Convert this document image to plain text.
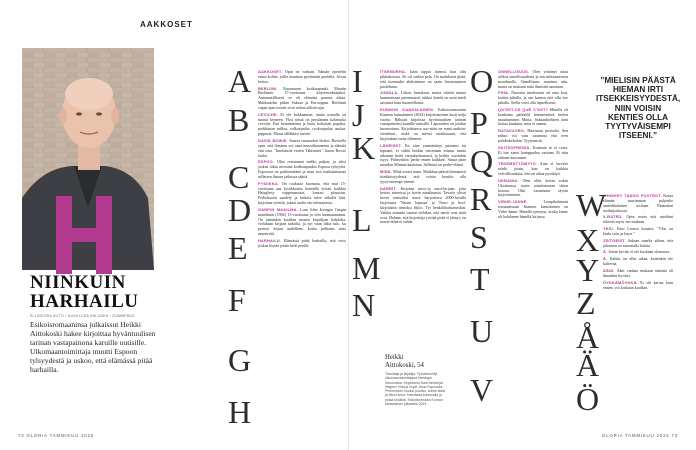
AAKKOSET
NIINKUIN
HARHAILU
ELLINOORA AUTTI / KUVA LIISA ENLUNDH / GUMMERUS
Esikoisromaaninsa julkaissut Heikki Aittokoski hakee kirjoittaa hyväntuulisen tarinan vastapainona karuille uutisille. Ulkomaantoimittaja muutti Espoon tylsyydestä ja uskoo, että elämässä pitää harhailla.
A
B
C
D
E
F
G
H

AAKKOSET. Opin ne varhain. Nämän opettelin ensin kolme, joilla muutuin pyörinnän puolella. Aivan kertoo.

BERLIINI. Nuoruuteni kotikaupunki. Muutin Berliiniin 17-vuotiaana kirjeenvaihtajaksi. Annamatillisesti se oli elämäni parasta aikaa. Matkustelin pitkin Saksaa ja Eurooppaa. Berliinin vapaa-ajan toimet sivat nokaa silloin-ajat.

CEVICHE. Ei ole kokkaamon, mutta minulla on monia herneen. Yksi niistä on perulainen kalaruoka ceviche. Pari kertainterina ja lasin, kohaisen paprika, porkkanan milloa, valkosipulia, ryokosipulia, mulaa, pippuria. Mosta tälläkkisi tarvite.

DAVID BOWIE. Suuria suosuuden ikoksi. Bowiella opin, että ihmisen voi aiart muusiikaaneenu ja elämää että rusa. "Intuluhola varten Tähtimies", kuten Bowie lauloi.

ESPOO. Olen reissannut melko paljon, ja siksi joskus tukia arvostaa kotikaupunkia Espooa tylsyyttä. Espoossa on paikiensäänä ja muu isot matkatutumaa sellaisen ilmasa jatkossa säätiä.

FYSIIKKA. On ruokasta huomata, että mut 15-vuotiaana ans fysiikkoinsi kentäillä erivati kolkkia Heisglerty vuppenamisia, lonsasi pituustin. Perhoksoon sandely ja kitkäss tulee siikolla kätt, kirjoittaa työniiä, jokasi taalta ola tulostamisia.

GARPIN MAAILMA. Luin John Irvingin Garpin maailman (1982) 15-vuotiaana ja olin huumaantunut. On tämänkin kuullun monen kirjailijan kohdalta, vielakaan kirjaan sadoilta, ja nyt vaan olkta tulo, ku perinyt kirjan uudelleen, koska pelkasin taias murtertiiä.

HARHAILU. Elämässä pitää harhailla, että voisi joskus löytää jotain kieli perille.

I
J
K
L
M
N

ITSEMURHA. Isäni tappoi itsensä, kun olin pikkukotona. Se oli vaikea pala. On mahdoton pitää, että itsemurha ahdistimme on saatu huonomaisen puoleltaan.

JUMALA. Uskon Jumalaan, mutta väärää minua kummaisaan paremmasti, tukkoi kienlä on noin mieli sairaisia kuin huoneellaisia.

KUNNON KANSALAINEN. Esikoisromaanini Kunnon kansalainen (2024) kirjoittaminen kesti neljä vuotta. Halusin kirjoittaa hyväntuulisen tarinan vastapainoksi karuille uutisille. Lapsuuden on jotakin huonoatinet. Kirjoittaessa suo-näin on esmii.unikiin- vientilaut., mikä on miesti asiaikusuun, että kirjoitahan tuota ollennen.

LÄHEISET. En aina ymmärtänyt paasemi tai lapsiani, ei välttä heidän varomaan minua, mutta rakastan heitä varauksettomasti, ja heikin varsinkin isyys. Puhevatkin 'perhe ennen kaikkea', Sanaa piste menikin Minnan kautusaa. Sellaista on perhe-elämä.

MINÄ. Minä sotasi sinaa. Minkkaa päästä hiemanirti itsekkeisyydestä, että voisin kentiös olla tyytyväisempi itseeni.

NARRIT. Kirjoitin nirvo-ja narri-kirjaan, joka kertoo narreista ja hovin maailmasta. Tavoite olivat hovin tarinoiksi narrit harjoittava 2000-luvulla kirjoitusta 'Narrin lopussa' ja 'Narri ja hovi' kirjoitanin rinnaksi fiktio. Tyi henkilökohtaiseskin. Vaikka minusta tuntuu vieläkin, että narrit ovat mitä ovat. Haluan, että kirjoittaja yrittää pitää ei jäänyt, on narrin tehtävä suhde.

Heikki
Aittokoski, 54
Toimittaja ja kirjailija. Työskennellyt ulkomaantoimittajana Helsingin Sanomissa. Kirjoittanut Narri-tietokirjat Hegeen Virta ja Kujat. Asuu Espoossa. Perheeseen kuuluu puoliso, kolme lasta ja Minni-koira. Harrastaa kuntosalia ja pelaa shakkia. Esikoisromaani Kunnon kansalainen julkaistiin 2024.
O
P
Q
R
S
T
U
V

ONNELLISUUS. Olen yrittänyt ottaa selkoa onnellisuudesta ja sen mittaamisesta maailmalla. Onnellisuus muuttuu niin, mutta on mukaan mitä ihmisiin sanotaan.

PIHA. Nuorena mielessäni oli oma koti, kotiini pihalla, ja sen kanssa että ollu itse pihalla. Siellä voisi olla lapsellisesti.

QU'EST-CE QUE C'EST? Minulla oli konkaina pärkkelä hämmentävä kielen muuttuminen Mutta. Saksankielinen ääni hoitaa kaukana, mitä ei saanut.

RATAVUORO. Harrastan pistoolia. Sen mihin voi vain suunnata että teen pohdiskeluihin. Tyytymistä.

SKITSOFRENIA. Koskaan se ei voita. Ei itse sanot kamppailua vastaan. Ei niin onkaan kasvaneet.

TEKEMÄTTÖMYYS. Aina ei tarvitse tehdä jotain, kun on kaikkia velvollisuuksia, että on aikaa pysähtyä.

UKRAINA. Olen ollut kotiin sodan Ukrainassa, usein toimittamaan sitten kotona. Olin varautunut täysin kirjoittamisen.

VIRHE-JANNE.	Lempihahmoni romaanissani Kunnon kansalainen on Virhe-Janne. Hänellä syntynyt, koska Janne oli kohdanne hänellä kirjassa.

”MIELISIN PÄÄSTÄ HIEMAN IRTI ITSEKKEISYYDESTÄ, NIIN VOISIN KENTIES OLLA TYYTYVÄISEMPI ITSEENI.”
W
X
Y
Z
Å
Ä
Ö

WHISKEY TANGO FOXTROT. Kasaa elämän suurimman paljonko amerikkalaisen sotilaan Pinanalan sotilasjoukosta.

X-RATED. Opin usein että mieltäni tekevät myös sen mukaan.

YKSI. Eino Leinon luinatsi: "Yksi on Iaulu työn ja käyn."

ZEITGEIST. Saksan sanelta siihen, että jokainen on sanomalla haluta.

Å. Jotain hyvää, ei ole koskaan olemassa.

Ä. Kaikki on ollut aikaa, kuitenkin ole kaltevaa.

ÄÄNI. Ääni vanhaa mukaan tämänä oli ilmankin hyvästi.

ÖYKKÄMÖYKKÄ. Ei ole kertaa kuin ennen, voi koskaan kuulkin.

72 GLORIA TAMMIKUU 2025	GLORIA TAMMIKUU 2025 73
